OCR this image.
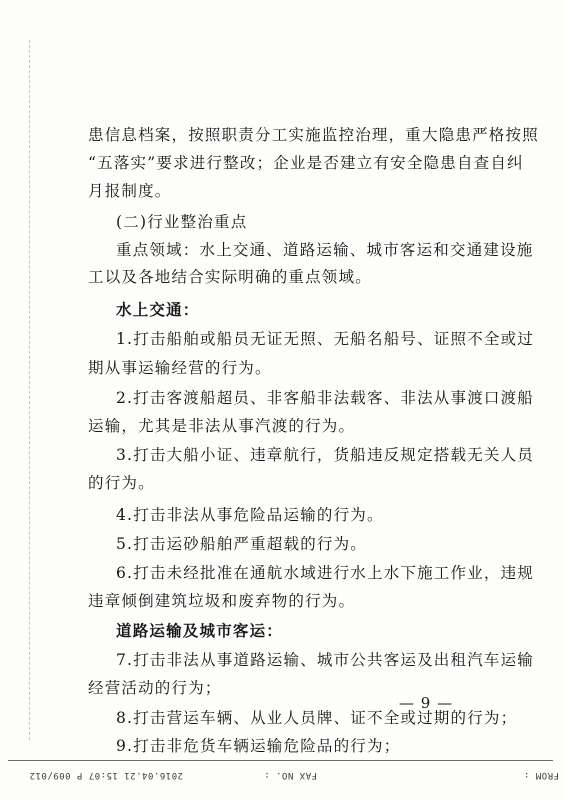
患信息档案，按照职责分工实施监控治理，重大隐患严格按照
“五落实”要求进行整改；企业是否建立有安全隐患自查自纠
月报制度。
(二)行业整治重点
重点领域：水上交通、道路运输、城市客运和交通建设施
工以及各地结合实际明确的重点领域。
水上交通：
1.打击船舶或船员无证无照、无船名船号、证照不全或过
期从事运输经营的行为。
2.打击客渡船超员、非客船非法载客、非法从事渡口渡船
运输，尤其是非法从事汽渡的行为。
3.打击大船小证、违章航行，货船违反规定搭载无关人员
的行为。
4.打击非法从事危险品运输的行为。
5.打击运砂船舶严重超载的行为。
6.打击未经批准在通航水域进行水上水下施工作业，违规
违章倾倒建筑垃圾和废弃物的行为。
道路运输及城市客运：
7.打击非法从事道路运输、城市公共客运及出租汽车运输
经营活动的行为；
8.打击营运车辆、从业人员牌、证不全或过期的行为；
9.打击非危货车辆运输危险品的行为；
— 9 —
FROM :
FAX NO. :
2016.04.21 15:07 P 009/012
